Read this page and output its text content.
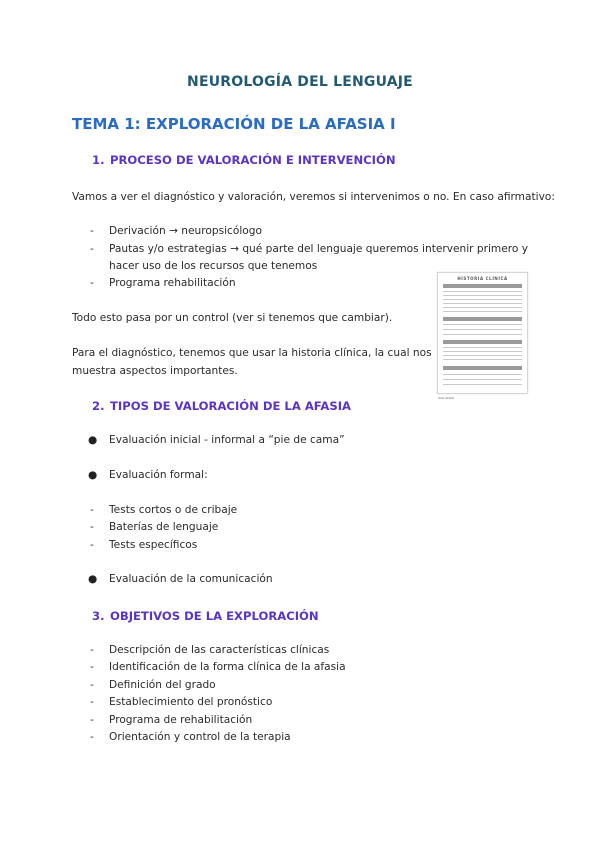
NEUROLOGÍA DEL LENGUAJE
TEMA 1: EXPLORACIÓN DE LA AFASIA I
1. PROCESO DE VALORACIÓN E INTERVENCIÓN
Vamos a ver el diagnóstico y valoración, veremos si intervenimos o no. En caso afirmativo:
- Derivación → neuropsicólogo
- Pautas y/o estrategias → qué parte del lenguaje queremos intervenir primero y
hacer uso de los recursos que tenemos
- Programa rehabilitación
Todo esto pasa por un control (ver si tenemos que cambiar).
Para el diagnóstico, tenemos que usar la historia clínica, la cual nos
muestra aspectos importantes.
HISTORIA CLÍNICA
▬▬ ▬▬▬
2. TIPOS DE VALORACIÓN DE LA AFASIA
● Evaluación inicial - informal a “pie de cama”
● Evaluación formal:
- Tests cortos o de cribaje
- Baterías de lenguaje
- Tests específicos
● Evaluación de la comunicación
3. OBJETIVOS DE LA EXPLORACIÓN
- Descripción de las características clínicas
- Identificación de la forma clínica de la afasia
- Definición del grado
- Establecimiento del pronóstico
- Programa de rehabilitación
- Orientación y control de la terapia
